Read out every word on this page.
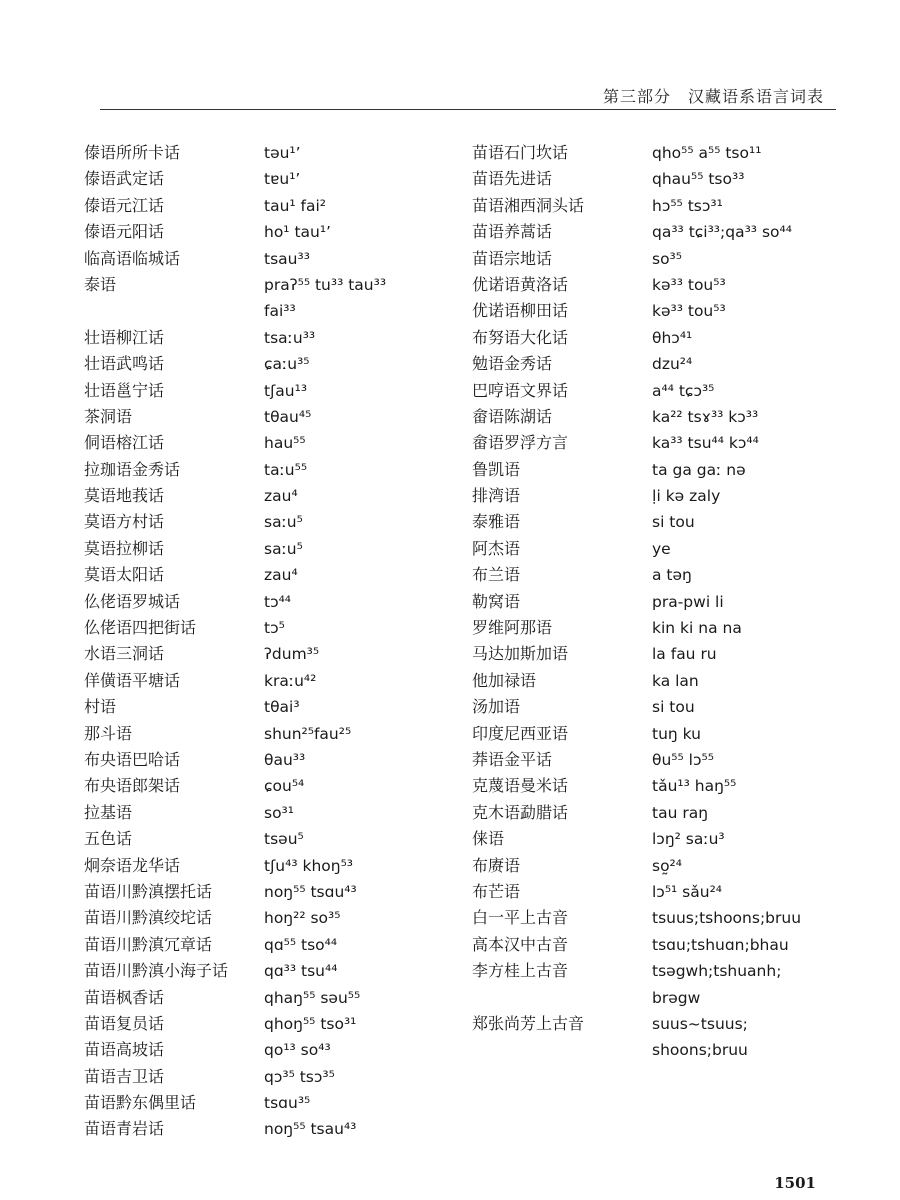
第三部分　汉藏语系语言词表
傣语所所卡话	təu¹ʼ
傣语武定话	tɐu¹ʼ
傣语元江话	tau¹ fai²
傣语元阳话	ho¹ tau¹ʼ
临高语临城话	tsau³³
泰语	praʔ⁵⁵ tu³³ tau³³
fai³³
壮语柳江话	tsaːu³³
壮语武鸣话	ɕaːu³⁵
壮语邕宁话	tʃau¹³
茶洞语	tθau⁴⁵
侗语榕江话	hau⁵⁵
拉珈语金秀话	taːu⁵⁵
莫语地莪话	zau⁴
莫语方村话	saːu⁵
莫语拉柳话	saːu⁵
莫语太阳话	zau⁴
仫佬语罗城话	tɔ⁴⁴
仫佬语四把街话	tɔ⁵
水语三洞话	ʔdum³⁵
佯僙语平塘话	kraːu⁴²
村语	tθai³
那斗语	shun²⁵fau²⁵
布央语巴哈话	θau³³
布央语郎架话	ɕou⁵⁴
拉基语	so³¹
五色话	tsəu⁵
炯奈语龙华话	tʃu⁴³ khoŋ⁵³
苗语川黔滇摆托话	noŋ⁵⁵ tsɑu⁴³
苗语川黔滇绞坨话	hoŋ²² so³⁵
苗语川黔滇冗章话	qɑ⁵⁵ tso⁴⁴
苗语川黔滇小海子话 qɑ³³ tsu⁴⁴
苗语枫香话	qhaŋ⁵⁵ səu⁵⁵
苗语复员话	qhoŋ⁵⁵ tso³¹
苗语高坡话	qo¹³ so⁴³
苗语吉卫话	qɔ³⁵ tsɔ³⁵
苗语黔东偶里话	tsɑu³⁵
苗语青岩话	noŋ⁵⁵ tsau⁴³
苗语石门坎话	qho⁵⁵ a⁵⁵ tso¹¹
苗语先进话	qhau⁵⁵ tso³³
苗语湘西洞头话	hɔ⁵⁵ tsɔ³¹
苗语养蒿话	qa³³ tɕi³³;qa³³ so⁴⁴
苗语宗地话	so³⁵
优诺语黄洛话	kə³³ tou⁵³
优诺语柳田话	kə³³ tou⁵³
布努语大化话	θhɔ⁴¹
勉语金秀话	dzu²⁴
巴哼语文界话	a⁴⁴ tɕɔ³⁵
畲语陈湖话	ka²² tsɤ³³ kɔ³³
畲语罗浮方言	ka³³ tsu⁴⁴ kɔ⁴⁴
鲁凯语	ta ga gaː nə
排湾语	ḷi kə zaly
泰雅语	si tou
阿杰语	ye
布兰语	a təŋ
勒窝语	pra-pwi li
罗维阿那语	kin ki na na
马达加斯加语	la fau ru
他加禄语	ka lan
汤加语	si tou
印度尼西亚语	tuŋ ku
莽语金平话	θu⁵⁵ lɔ⁵⁵
克蔑语曼米话	tǎu¹³ haŋ⁵⁵
克木语勐腊话	tau raŋ
俫语	lɔŋ² saːu³
布赓语	so̰²⁴
布芒语	lɔ⁵¹ sǎu²⁴
白一平上古音	tsuus;tshoons;bruu
高本汉中古音	tsɑu;tshuɑn;bhau
李方桂上古音	tsəgwh;tshuanh;
brəgw
郑张尚芳上古音	suus~tsuus;
shoons;bruu
1501
